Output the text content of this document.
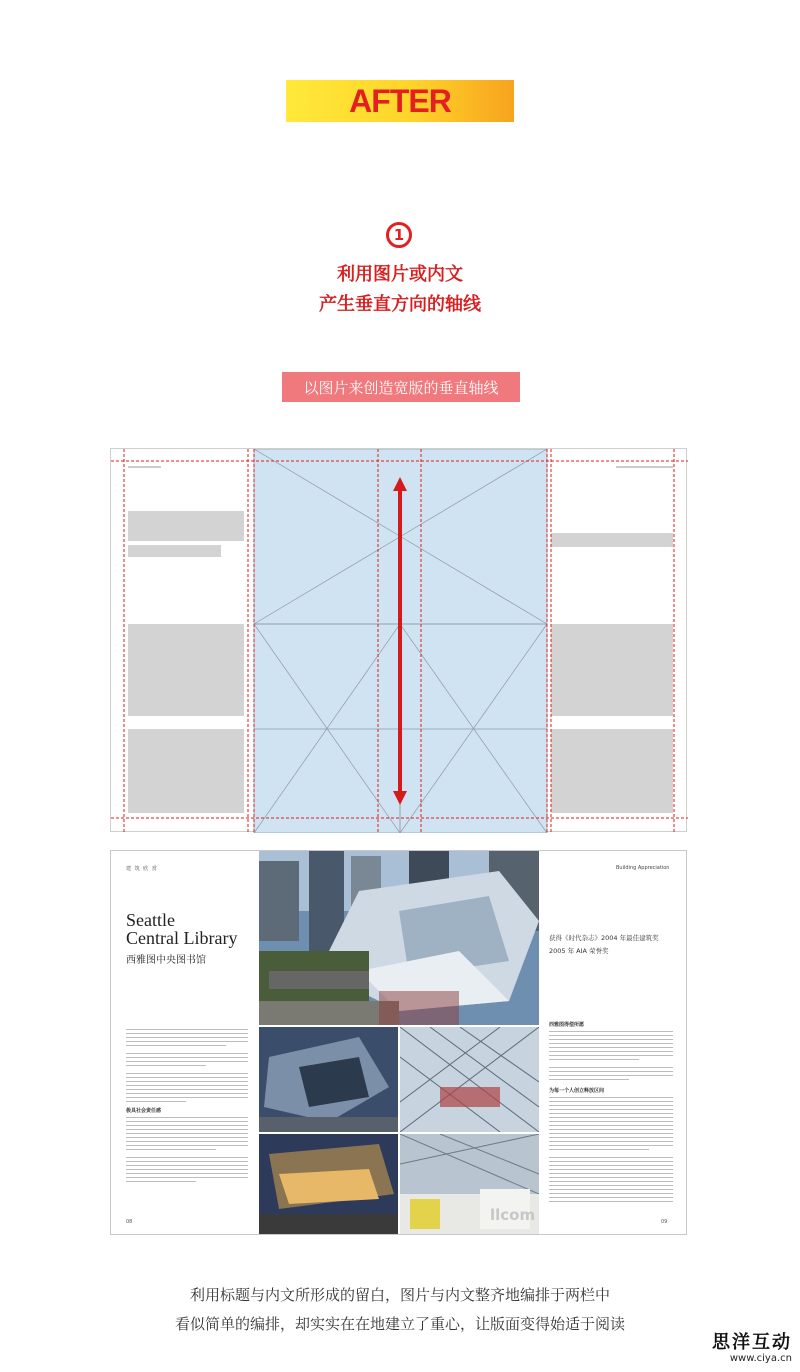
AFTER
1
利用图片或内文
产生垂直方向的轴线
以图片来创造宽版的垂直轴线
建 筑 欣 赏	Building Appreciation
Seattle
Central Library
西雅图中央图书馆
极具社会责任感
08	llcom
获得《时代杂志》2004 年最佳建筑奖
2005 年 AIA 荣誉奖
西雅图得偿所愿
为每一个人创立释放区间
09
利用标题与内文所形成的留白，图片与内文整齐地编排于两栏中
看似简单的编排，却实实在在地建立了重心，让版面变得始适于阅读
思洋互动
www.ciya.cn
